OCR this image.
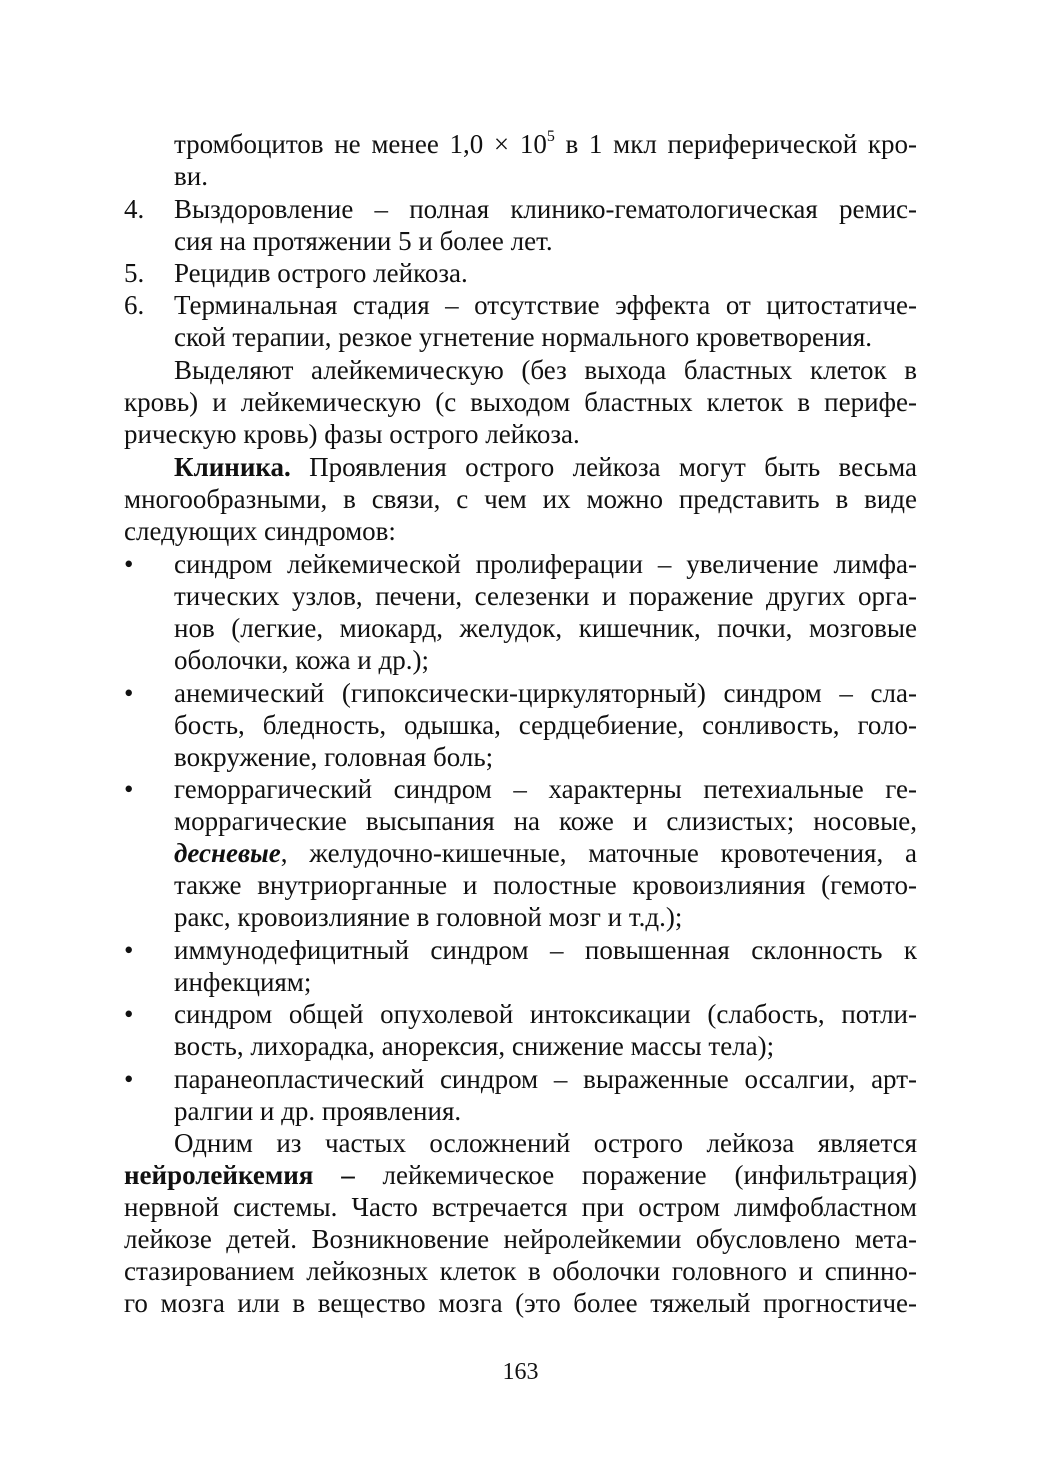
тромбоцитов не менее $1,0 \times 10^5$ в 1 мкл периферической кро-
ви.
4. Выздоровление – полная клинико-гематологическая ремис-
сия на протяжении 5 и более лет.
5. Рецидив острого лейкоза.
6. Терминальная стадия – отсутствие эффекта от цитостатиче-
ской терапии, резкое угнетение нормального кроветворения.
Выделяют алейкемическую (без выхода бластных клеток в
кровь) и лейкемическую (с выходом бластных клеток в перифе-
рическую кровь) фазы острого лейкоза.
Клиника. Проявления острого лейкоза могут быть весьма
многообразными, в связи, с чем их можно представить в виде
следующих синдромов:
• синдром лейкемической пролиферации – увеличение лимфа-
тических узлов, печени, селезенки и поражение других орга-
нов (легкие, миокард, желудок, кишечник, почки, мозговые
оболочки, кожа и др.);
• анемический (гипоксически-циркуляторный) синдром – сла-
бость, бледность, одышка, сердцебиение, сонливость, голо-
вокружение, головная боль;
• геморрагический синдром – характерны петехиальные ге-
моррагические высыпания на коже и слизистых; носовые,
десневые, желудочно-кишечные, маточные кровотечения, а
также внутриорганные и полостные кровоизлияния (гемото-
ракс, кровоизлияние в головной мозг и т.д.);
• иммунодефицитный синдром – повышенная склонность к
инфекциям;
• синдром общей опухолевой интоксикации (слабость, потли-
вость, лихорадка, анорексия, снижение массы тела);
• паранеопластический синдром – выраженные оссалгии, арт-
ралгии и др. проявления.
Одним из частых осложнений острого лейкоза является
нейролейкемия – лейкемическое поражение (инфильтрация)
нервной системы. Часто встречается при остром лимфобластном
лейкозе детей. Возникновение нейролейкемии обусловлено мета-
стазированием лейкозных клеток в оболочки головного и спинно-
го мозга или в вещество мозга (это более тяжелый прогностиче-
163
